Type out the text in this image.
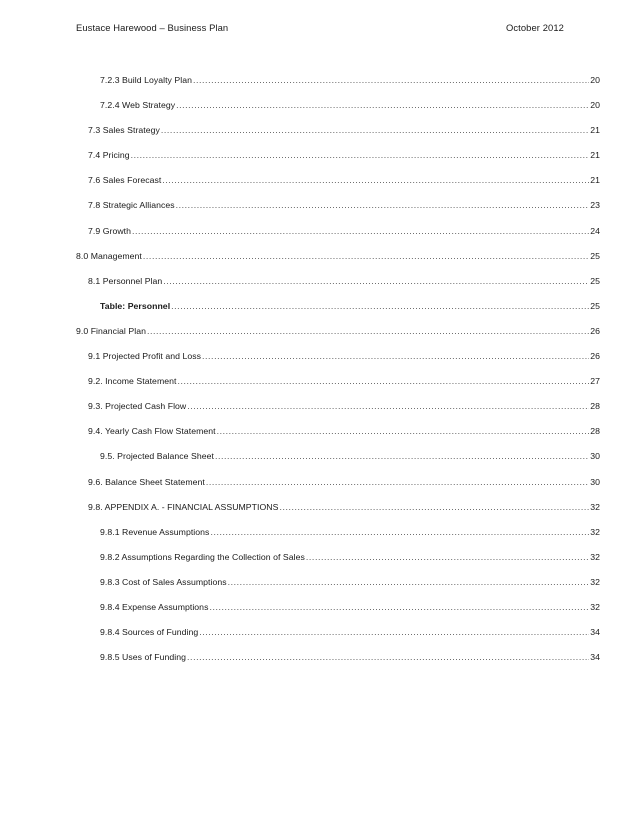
Eustace Harewood – Business Plan	October 2012
7.2.3 Build Loyalty Plan .....	20
7.2.4 Web Strategy .....	20
7.3 Sales Strategy .....	21
7.4 Pricing .....	21
7.6 Sales Forecast .....	21
7.8 Strategic Alliances .....	23
7.9 Growth .....	24
8.0 Management .....	25
8.1 Personnel Plan .....	25
Table: Personnel .....	25
9.0 Financial Plan .....	26
9.1 Projected Profit and Loss .....	26
9.2. Income Statement .....	27
9.3. Projected Cash Flow .....	28
9.4. Yearly Cash Flow Statement .....	28
9.5. Projected Balance Sheet .....	30
9.6. Balance Sheet Statement .....	30
9.8. APPENDIX A. - FINANCIAL ASSUMPTIONS .....	32
9.8.1 Revenue Assumptions .....	32
9.8.2 Assumptions Regarding the Collection of Sales .....	32
9.8.3 Cost of Sales Assumptions .....	32
9.8.4 Expense Assumptions .....	32
9.8.4 Sources of Funding .....	34
9.8.5 Uses of Funding .....	34
